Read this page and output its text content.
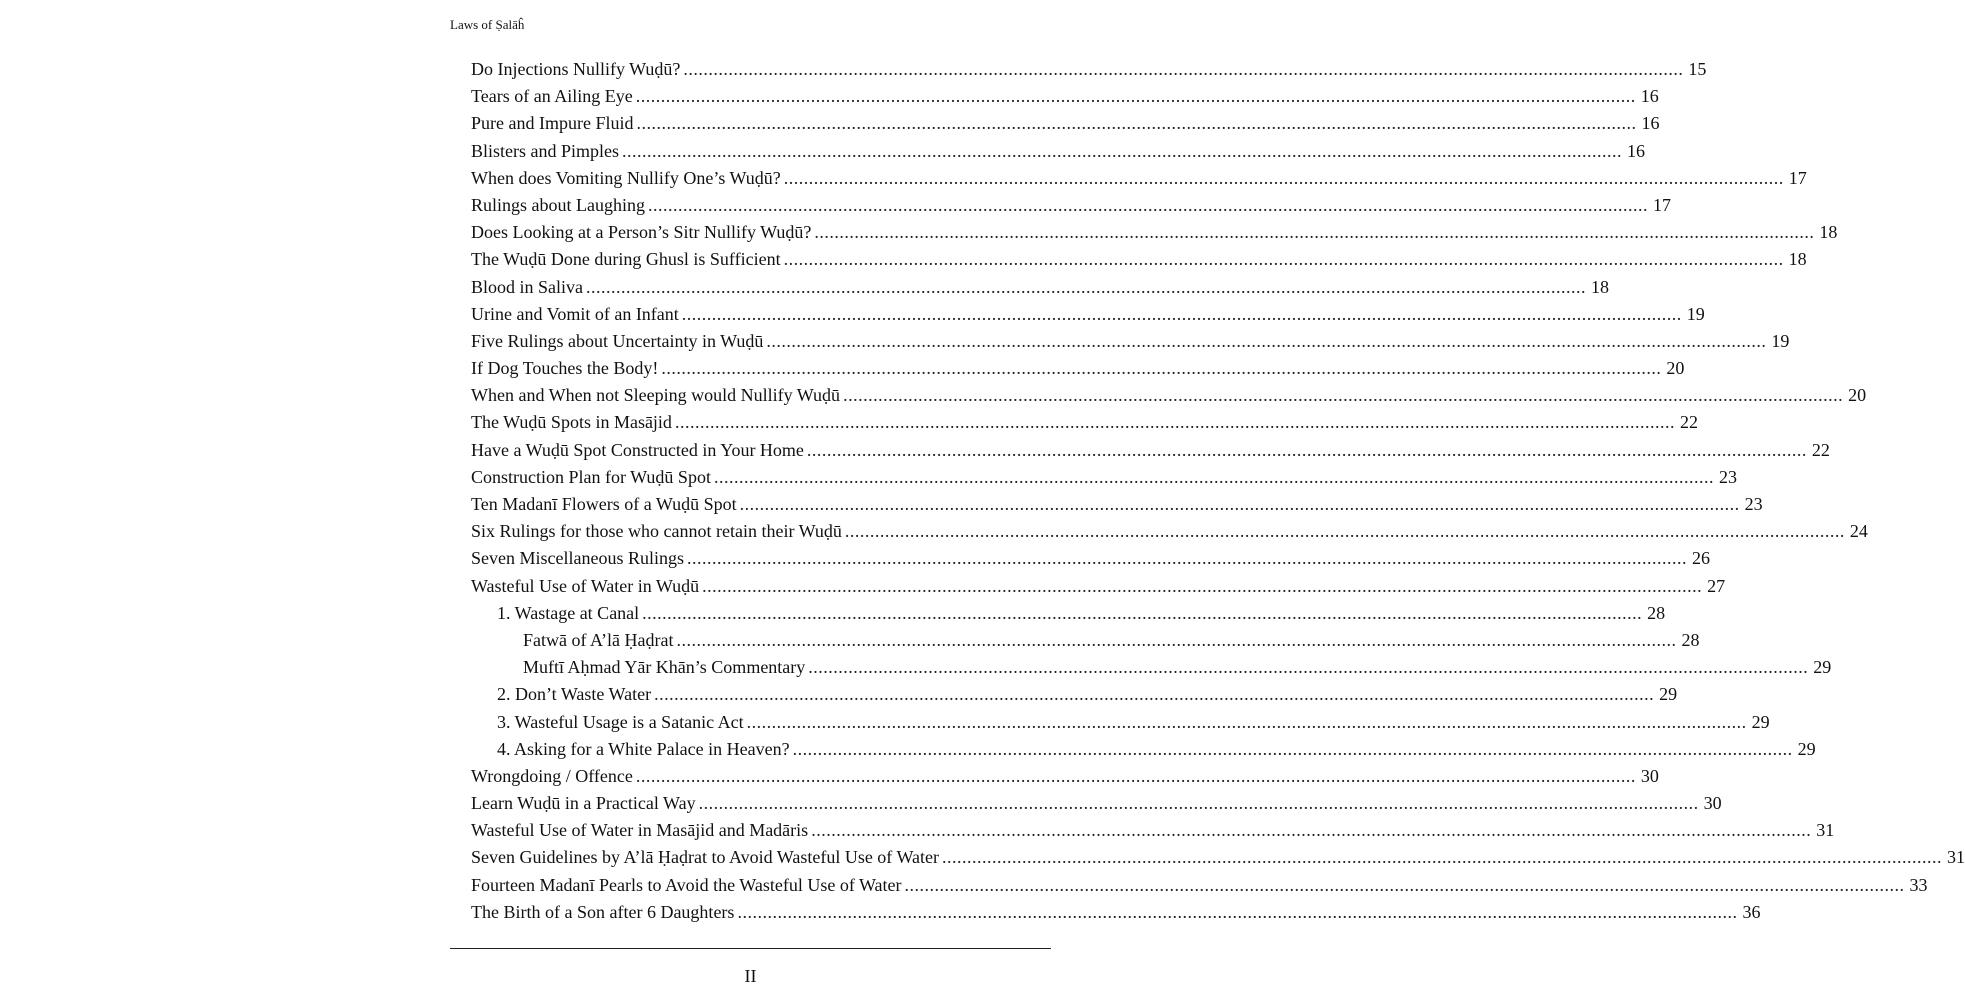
Laws of Ṣalāĥ
Do Injections Nullify Wuḍū? ........................................................................................................................................................................................................ 15
Tears of an Ailing Eye ........................................................................................................................................................................................................ 16
Pure and Impure Fluid ........................................................................................................................................................................................................ 16
Blisters and Pimples ........................................................................................................................................................................................................ 16
When does Vomiting Nullify One’s Wuḍū? ........................................................................................................................................................................................................ 17
Rulings about Laughing ........................................................................................................................................................................................................ 17
Does Looking at a Person’s Sitr Nullify Wuḍū? ........................................................................................................................................................................................................ 18
The Wuḍū Done during Ghusl is Sufficient ........................................................................................................................................................................................................ 18
Blood in Saliva ........................................................................................................................................................................................................ 18
Urine and Vomit of an Infant ........................................................................................................................................................................................................ 19
Five Rulings about Uncertainty in Wuḍū ........................................................................................................................................................................................................ 19
If Dog Touches the Body! ........................................................................................................................................................................................................ 20
When and When not Sleeping would Nullify Wuḍū ........................................................................................................................................................................................................ 20
The Wuḍū Spots in Masājid ........................................................................................................................................................................................................ 22
Have a Wuḍū Spot Constructed in Your Home ........................................................................................................................................................................................................ 22
Construction Plan for Wuḍū Spot ........................................................................................................................................................................................................ 23
Ten Madanī Flowers of a Wuḍū Spot ........................................................................................................................................................................................................ 23
Six Rulings for those who cannot retain their Wuḍū ........................................................................................................................................................................................................ 24
Seven Miscellaneous Rulings ........................................................................................................................................................................................................ 26
Wasteful Use of Water in Wuḍū ........................................................................................................................................................................................................ 27
1. Wastage at Canal ........................................................................................................................................................................................................ 28
Fatwā of A’lā Ḥaḍrat ........................................................................................................................................................................................................ 28
Muftī Aḥmad Yār Khān’s Commentary ........................................................................................................................................................................................................ 29
2. Don’t Waste Water ........................................................................................................................................................................................................ 29
3. Wasteful Usage is a Satanic Act ........................................................................................................................................................................................................ 29
4. Asking for a White Palace in Heaven? ........................................................................................................................................................................................................ 29
Wrongdoing / Offence ........................................................................................................................................................................................................ 30
Learn Wuḍū in a Practical Way ........................................................................................................................................................................................................ 30
Wasteful Use of Water in Masājid and Madāris ........................................................................................................................................................................................................ 31
Seven Guidelines by A’lā Ḥaḍrat to Avoid Wasteful Use of Water ........................................................................................................................................................................................................ 31
Fourteen Madanī Pearls to Avoid the Wasteful Use of Water ........................................................................................................................................................................................................ 33
The Birth of a Son after 6 Daughters ........................................................................................................................................................................................................ 36
II
